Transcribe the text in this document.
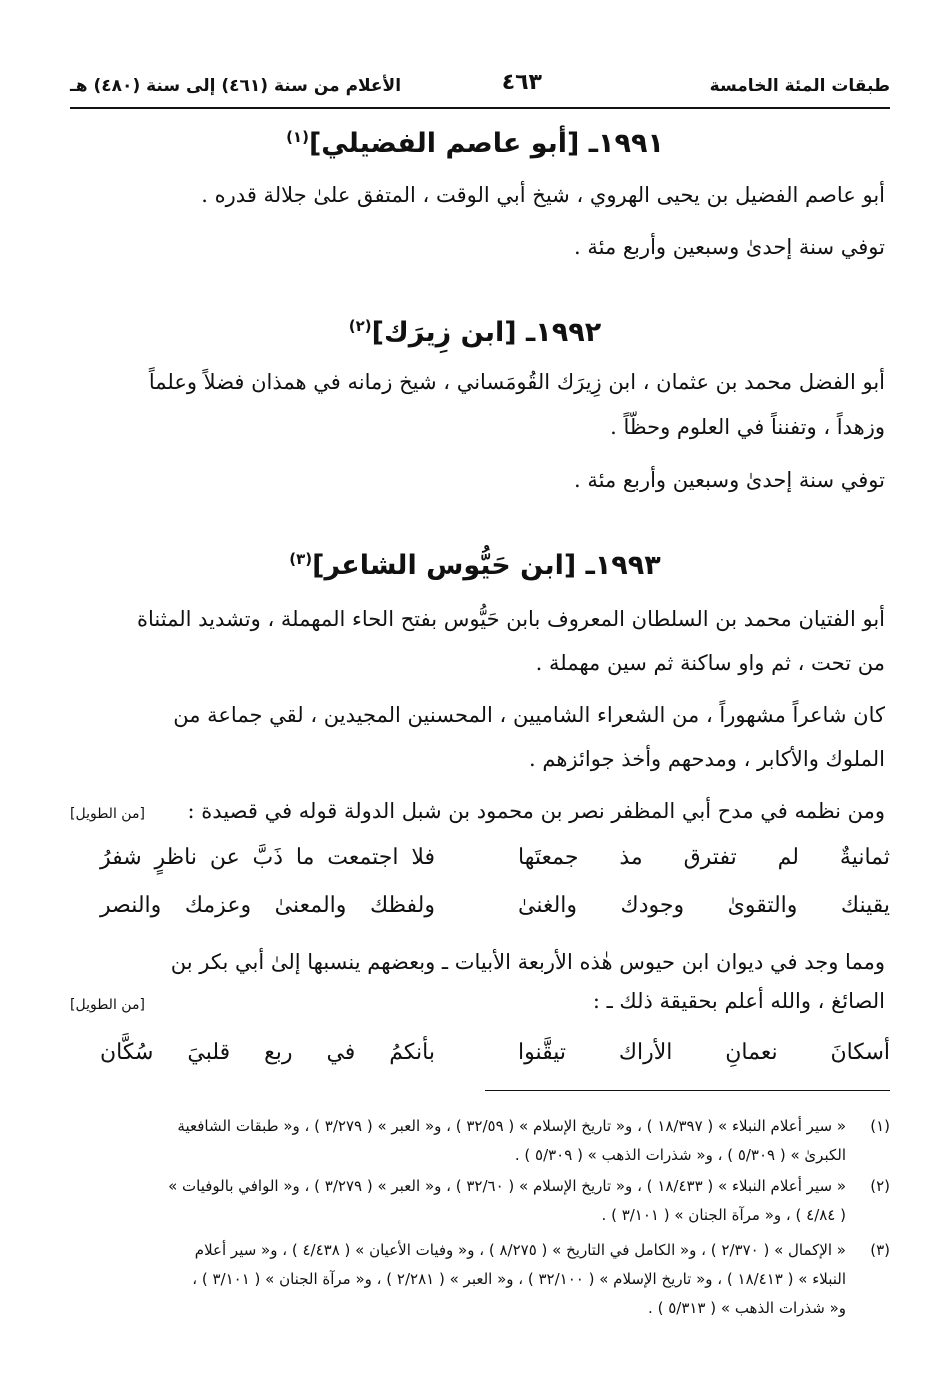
طبقات المئة الخامسة
٤٦٣
الأعلام من سنة (٤٦١) إلى سنة (٤٨٠) هـ
١٩٩١ـ [أبو عاصم الفضيلي]$^{(١)}$
أبو عاصم الفضيل بن يحيى الهروي ، شيخ أبي الوقت ، المتفق علىٰ جلالة قدره .
توفي سنة إحدىٰ وسبعين وأربع مئة .
١٩٩٢ـ [ابن زِيرَك]$^{(٢)}$
أبو الفضل محمد بن عثمان ، ابن زِيرَك القُومَساني ، شيخ زمانه في همذان فضلاً وعلماً
وزهداً ، وتفنناً في العلوم وحظّاً .
توفي سنة إحدىٰ وسبعين وأربع مئة .
١٩٩٣ـ [ابن حَيُّوس الشاعر]$^{(٣)}$
أبو الفتيان محمد بن السلطان المعروف بابن حَيُّوس بفتح الحاء المهملة ، وتشديد المثناة
من تحت ، ثم واو ساكنة ثم سين مهملة .
كان شاعراً مشهوراً ، من الشعراء الشاميين ، المحسنين المجيدين ، لقي جماعة من
الملوك والأكابر ، ومدحهم وأخذ جوائزهم .
ومن نظمه في مدح أبي المظفر نصر بن محمود بن شبل الدولة قوله في قصيدة :
[من الطويل]
ثمانيةٌ لم تفترق مذ جمعتَها
فلا اجتمعت ما ذَبَّ عن ناظرٍ شفرُ
يقينك والتقوىٰ وجودك والغنىٰ
ولفظك والمعنىٰ وعزمك والنصر
ومما وجد في ديوان ابن حيوس هٰذه الأربعة الأبيات ـ وبعضهم ينسبها إلىٰ أبي بكر بن
[من الطويل]	الصائغ ، والله أعلم بحقيقة ذلك ـ :
أسكانَ نعمانِ الأراك تيقَّنوا
بأنكمُ في ربع قلبيَ سُكَّان
(١)
« سير أعلام النبلاء » ( ١٨/٣٩٧ ) ، و« تاريخ الإسلام » ( ٣٢/٥٩ ) ، و« العبر » ( ٣/٢٧٩ ) ، و« طبقات الشافعية
الكبرىٰ » ( ٥/٣٠٩ ) ، و« شذرات الذهب » ( ٥/٣٠٩ ) .
(٢)
« سير أعلام النبلاء » ( ١٨/٤٣٣ ) ، و« تاريخ الإسلام » ( ٣٢/٦٠ ) ، و« العبر » ( ٣/٢٧٩ ) ، و« الوافي بالوفيات »
( ٤/٨٤ ) ، و« مرآة الجنان » ( ٣/١٠١ ) .
(٣)
« الإكمال » ( ٢/٣٧٠ ) ، و« الكامل في التاريخ » ( ٨/٢٧٥ ) ، و« وفيات الأعيان » ( ٤/٤٣٨ ) ، و« سير أعلام
النبلاء » ( ١٨/٤١٣ ) ، و« تاريخ الإسلام » ( ٣٢/١٠٠ ) ، و« العبر » ( ٢/٢٨١ ) ، و« مرآة الجنان » ( ٣/١٠١ ) ،
و« شذرات الذهب » ( ٥/٣١٣ ) .
